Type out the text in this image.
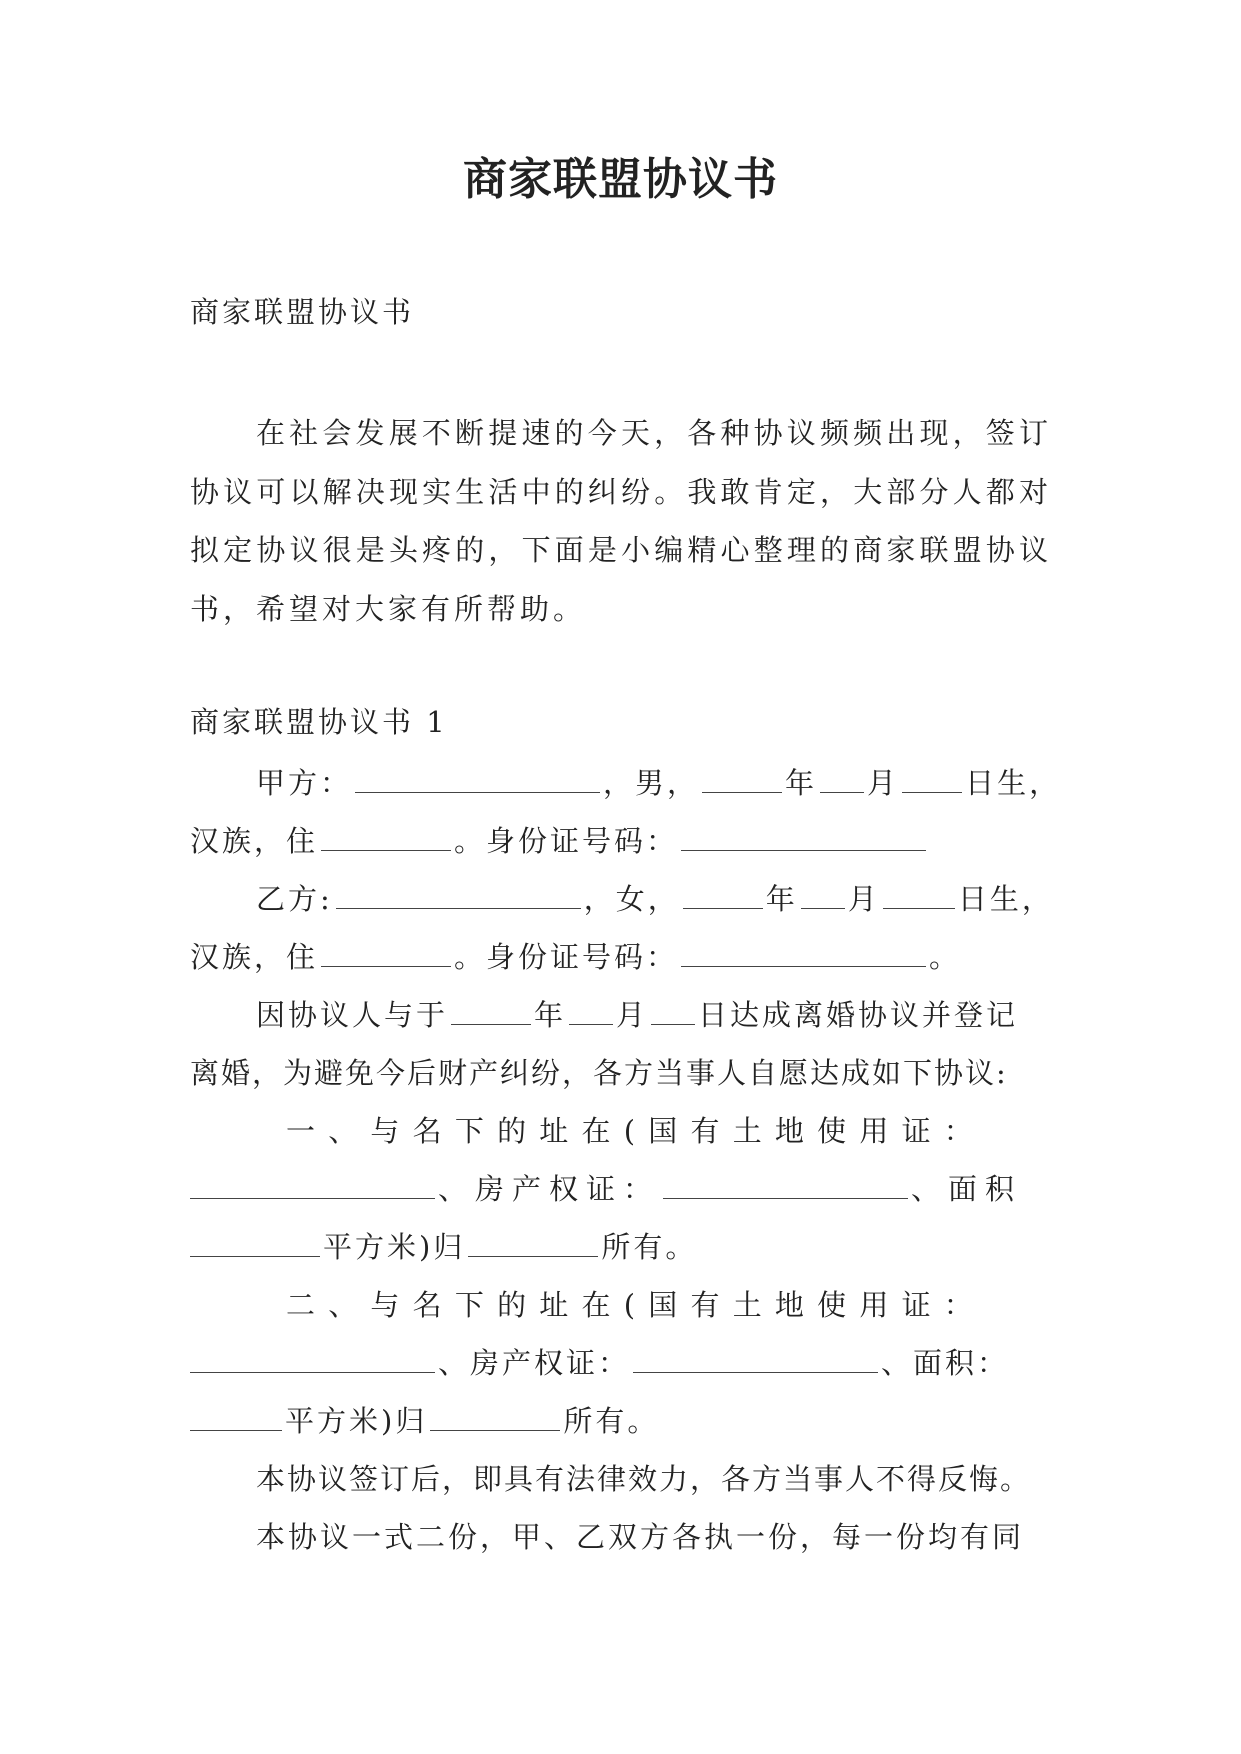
商家联盟协议书

商家联盟协议书

在社会发展不断提速的今天，各种协议频频出现，签订协议可以解决现实生活中的纠纷。我敢肯定，大部分人都对拟定协议很是头疼的，下面是小编精心整理的商家联盟协议书，希望对大家有所帮助。

商家联盟协议书 1

甲方：	，男，	年 月 日生，
汉族，住	。身份证号码：
乙方:	，女，	年 月	日生，
汉族，住	。身份证号码：	。
因协议人与于	年 月 日达成离婚协议并登记
离婚，为避免今后财产纠纷，各方当事人自愿达成如下协议:
一 、 与 名 下 的 址 在 ( 国 有 土 地 使 用 证 ：
、房产权证：	、面积
平方米)归	所有。
二 、 与 名 下 的 址 在 ( 国 有 土 地 使 用 证 ：
、房产权证：	、面积：
平方米)归	所有。
本协议签订后，即具有法律效力，各方当事人不得反悔。
本协议一式二份，甲、乙双方各执一份，每一份均有同
